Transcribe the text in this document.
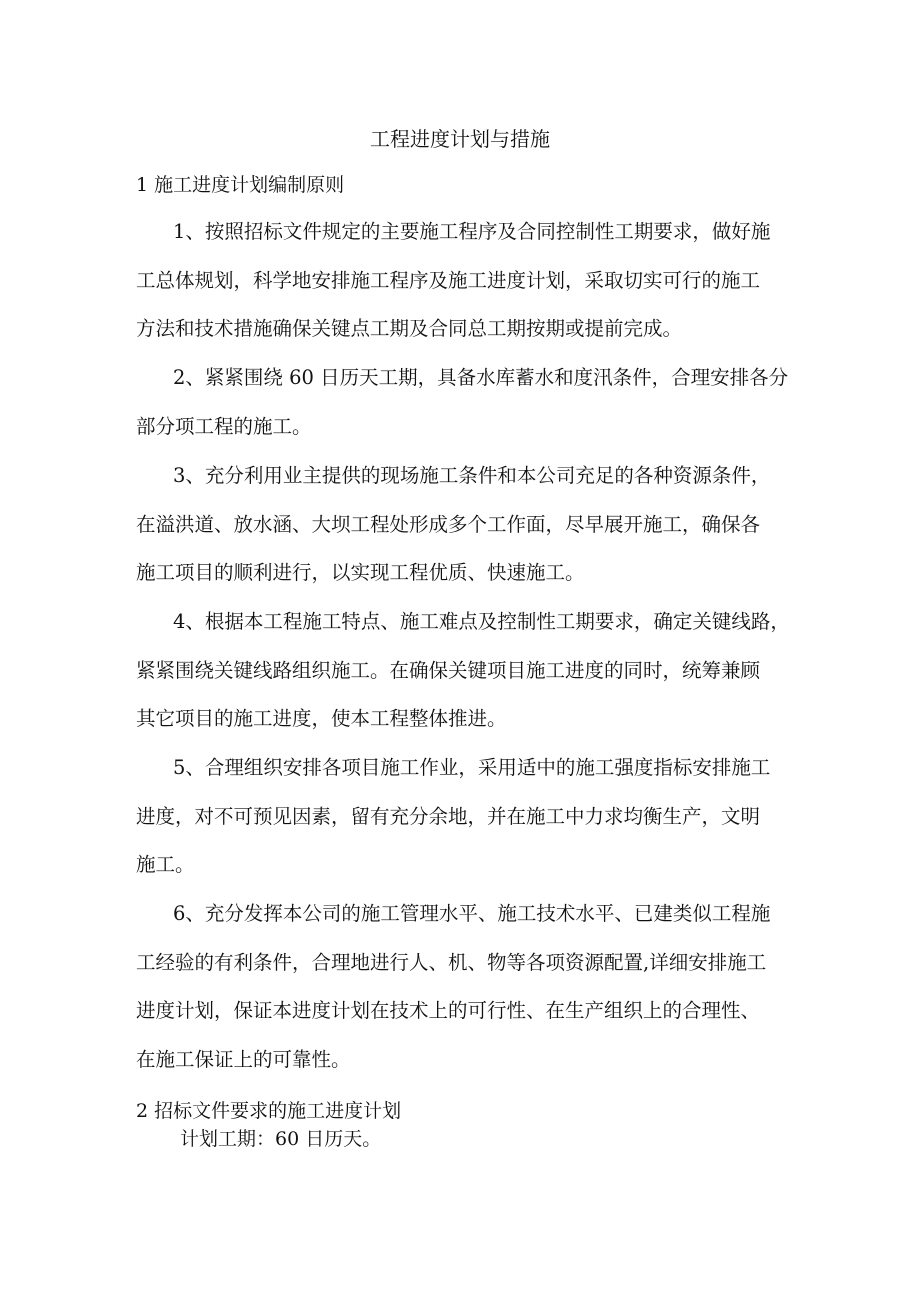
工程进度计划与措施
1 施工进度计划编制原则

1、按照招标文件规定的主要施工程序及合同控制性工期要求，做好施
工总体规划，科学地安排施工程序及施工进度计划，采取切实可行的施工
方法和技术措施确保关键点工期及合同总工期按期或提前完成。

2、紧紧围绕 60 日历天工期，具备水库蓄水和度汛条件，合理安排各分
部分项工程的施工。

3、充分利用业主提供的现场施工条件和本公司充足的各种资源条件，
在溢洪道、放水涵、大坝工程处形成多个工作面，尽早展开施工，确保各
施工项目的顺利进行，以实现工程优质、快速施工。

4、根据本工程施工特点、施工难点及控制性工期要求，确定关键线路，
紧紧围绕关键线路组织施工。在确保关键项目施工进度的同时，统筹兼顾
其它项目的施工进度，使本工程整体推进。

5、合理组织安排各项目施工作业，采用适中的施工强度指标安排施工
进度，对不可预见因素，留有充分余地，并在施工中力求均衡生产，文明
施工。

6、充分发挥本公司的施工管理水平、施工技术水平、已建类似工程施
工经验的有利条件，合理地进行人、机、物等各项资源配置,详细安排施工
进度计划，保证本进度计划在技术上的可行性、在生产组织上的合理性、
在施工保证上的可靠性。

2 招标文件要求的施工进度计划
计划工期：60 日历天。
